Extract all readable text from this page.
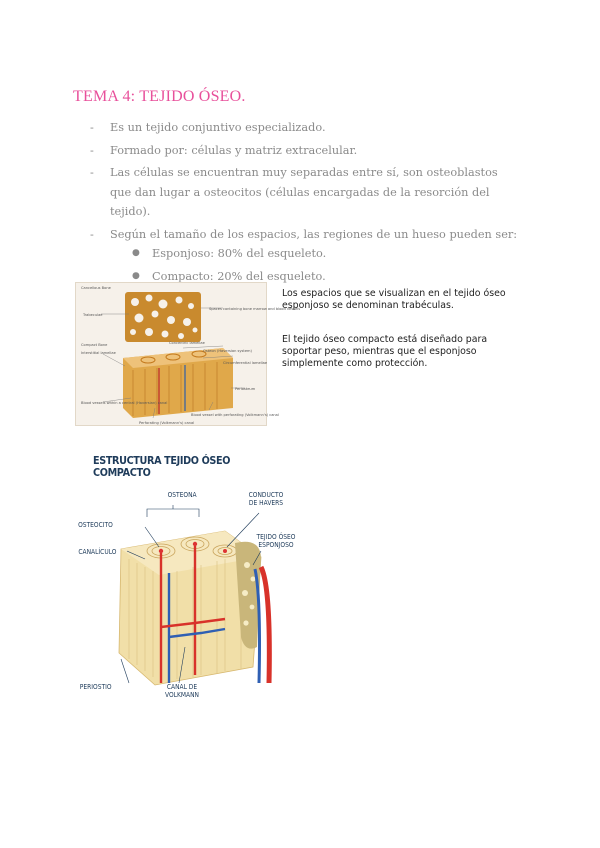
TEMA 4: TEJIDO ÓSEO.
- Es un tejido conjuntivo especializado.
- Formado por: células y matriz extracelular.
- Las células se encuentran muy separadas entre sí, son osteoblastos que dan lugar a osteocitos (células encargadas de la resorción del tejido).
- Según el tamaño de los espacios, las regiones de un hueso pueden ser:
● Esponjoso: 80% del esqueleto.
● Compacto: 20% del esqueleto.
Cancellous Bone
Trabeculae
Spaces containing bone marrow and blood vessels
Compact Bone
Interstitial lamellae
Concentric lamellae
Osteon (Haversian system)
Circumferential lamellae
Periosteum
Blood vessels within a central (Haversian) canal
Perforating (Volkmann's) canal
Blood vessel with perforating (Volkmann's) canal

Los espacios que se visualizan en el tejido óseo esponjoso se denominan trabéculas.

El tejido óseo compacto está diseñado para soportar peso, mientras que el esponjoso simplemente como protección.

ESTRUCTURA TEJIDO ÓSEO COMPACTO
OSTEONA	CONDUCTO DE HAVERS
OSTEOCITO
CANALÍCULO
TEJIDO ÓSEO ESPONJOSO
PERIOSTIO	CANAL DE VOLKMANN
